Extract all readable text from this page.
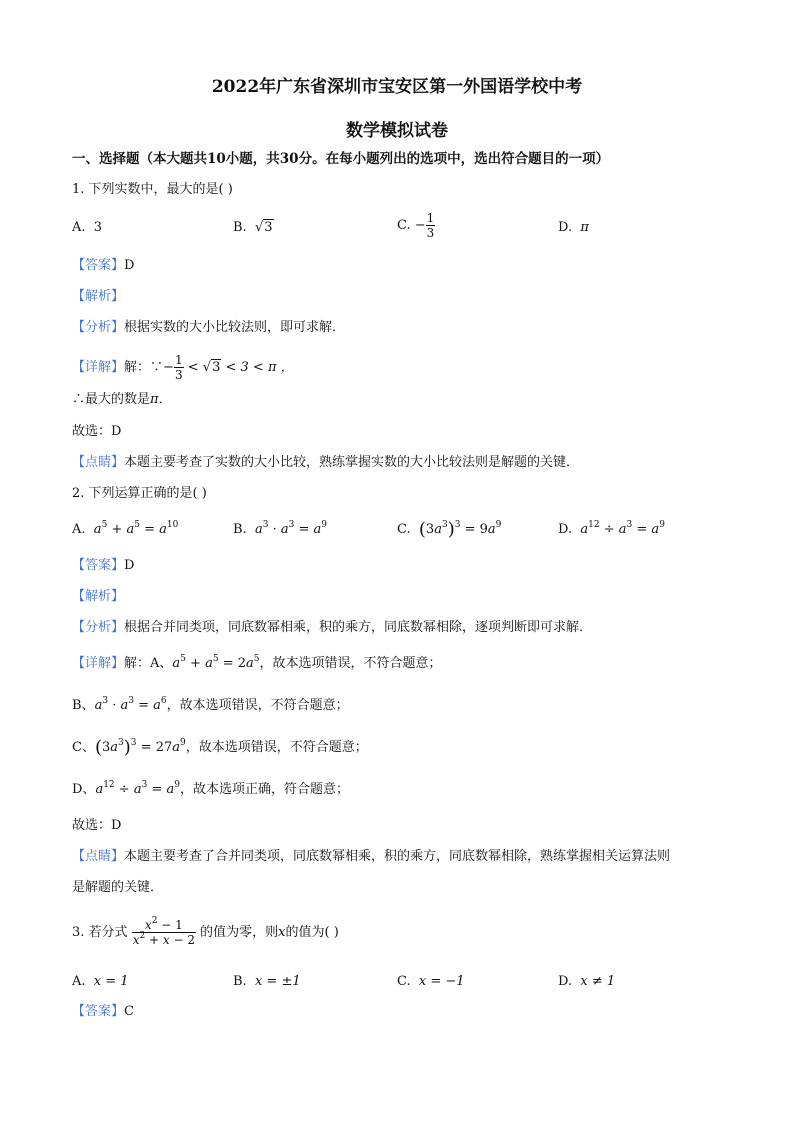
2022年广东省深圳市宝安区第一外国语学校中考
数学模拟试卷
一、选择题（本大题共10小题，共30分。在每小题列出的选项中，选出符合题目的一项）
1. 下列实数中，最大的是( )
A. 3	B. √3	C. − $\frac{1}{3}$	D. π
【答案】D
【解析】
【分析】根据实数的大小比较法则，即可求解．
【详解】解：∵− $\frac{1}{3} < √3 < 3 < \pi$ ，
∴最大的数是π．
故选：D
【点睛】本题主要考查了实数的大小比较，熟练掌握实数的大小比较法则是解题的关键．
2. 下列运算正确的是( )
A. $a^5 + a^5 = a^{10}$	B. $a^3 \cdot a^3 = a^9$	C. $(3a^3)^3 = 9a^9$	D. $a^{12} \div a^3 = a^9$
【答案】D
【解析】
【分析】根据合并同类项，同底数幂相乘，积的乘方，同底数幂相除，逐项判断即可求解．
【详解】解：A、$a^5 + a^5 = 2a^5$，故本选项错误，不符合题意；
B、$a^3 \cdot a^3 = a^6$，故本选项错误，不符合题意；
C、$(3a^3)^3 = 27a^9$，故本选项错误，不符合题意；
D、$a^{12} \div a^3 = a^9$，故本选项正确，符合题意；
故选：D
【点睛】本题主要考查了合并同类项，同底数幂相乘，积的乘方，同底数幂相除，熟练掌握相关运算法则
是解题的关键．
3. 若分式 $\frac{x^2 - 1}{x^2 + x - 2}$ 的值为零，则x的值为( )
A. x = 1	B. x = ±1	C. x = −1	D. x ≠ 1
【答案】C
